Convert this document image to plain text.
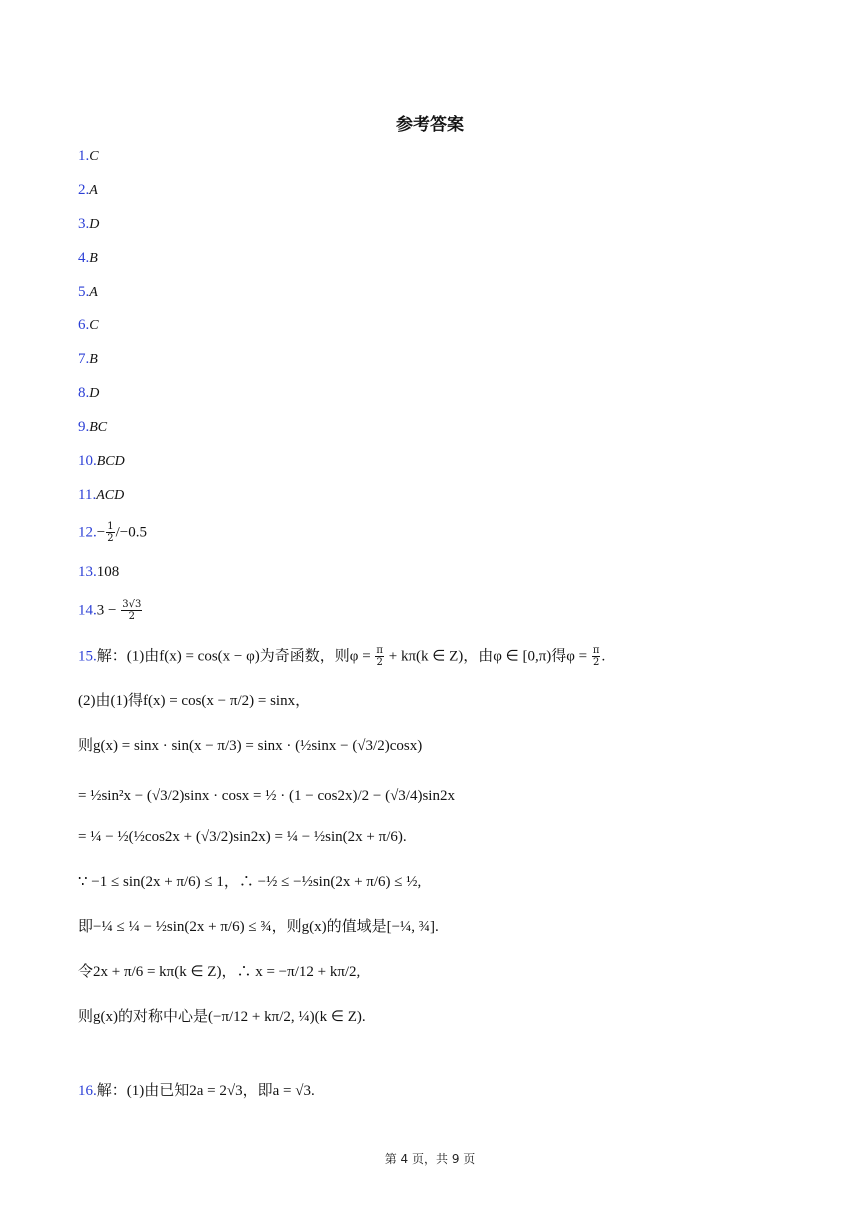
参考答案
1.C
2.A
3.D
4.B
5.A
6.C
7.B
8.D
9.BC
10.BCD
11.ACD
$12.- \frac{1}{2} /-0.5$
13.108
$14.3 - \frac{3√3}{2}$
15.解：(1)由f(x) = cos(x − φ)为奇函数，则$\varphi = \frac{\pi}{2} + k\pi(k$ ∈ Z)，由φ ∈ [0,π)得$\varphi = \frac{\pi}{2}$ .
(2)由(1)得f(x) = cos(x − π/2) = sinx，
则g(x) = sinx · sin(x − π/3) = sinx · (½sinx − (√3/2)cosx)
= ½sin²x − (√3/2)sinx · cosx = ½ · (1 − cos2x)/2 − (√3/4)sin2x
= ¼ − ½(½cos2x + (√3/2)sin2x) = ¼ − ½sin(2x + π/6).
∵ −1 ≤ sin(2x + π/6) ≤ 1，∴ −½ ≤ −½sin(2x + π/6) ≤ ½,
即−¼ ≤ ¼ − ½sin(2x + π/6) ≤ ¾，则g(x)的值域是[−¼, ¾].
令2x + π/6 = kπ(k ∈ Z)，∴ x = −π/12 + kπ/2,
则g(x)的对称中心是(−π/12 + kπ/2, ¼)(k ∈ Z).
16.解：(1)由已知2a = 2√3，即a = √3.
第 4 页，共 9 页
